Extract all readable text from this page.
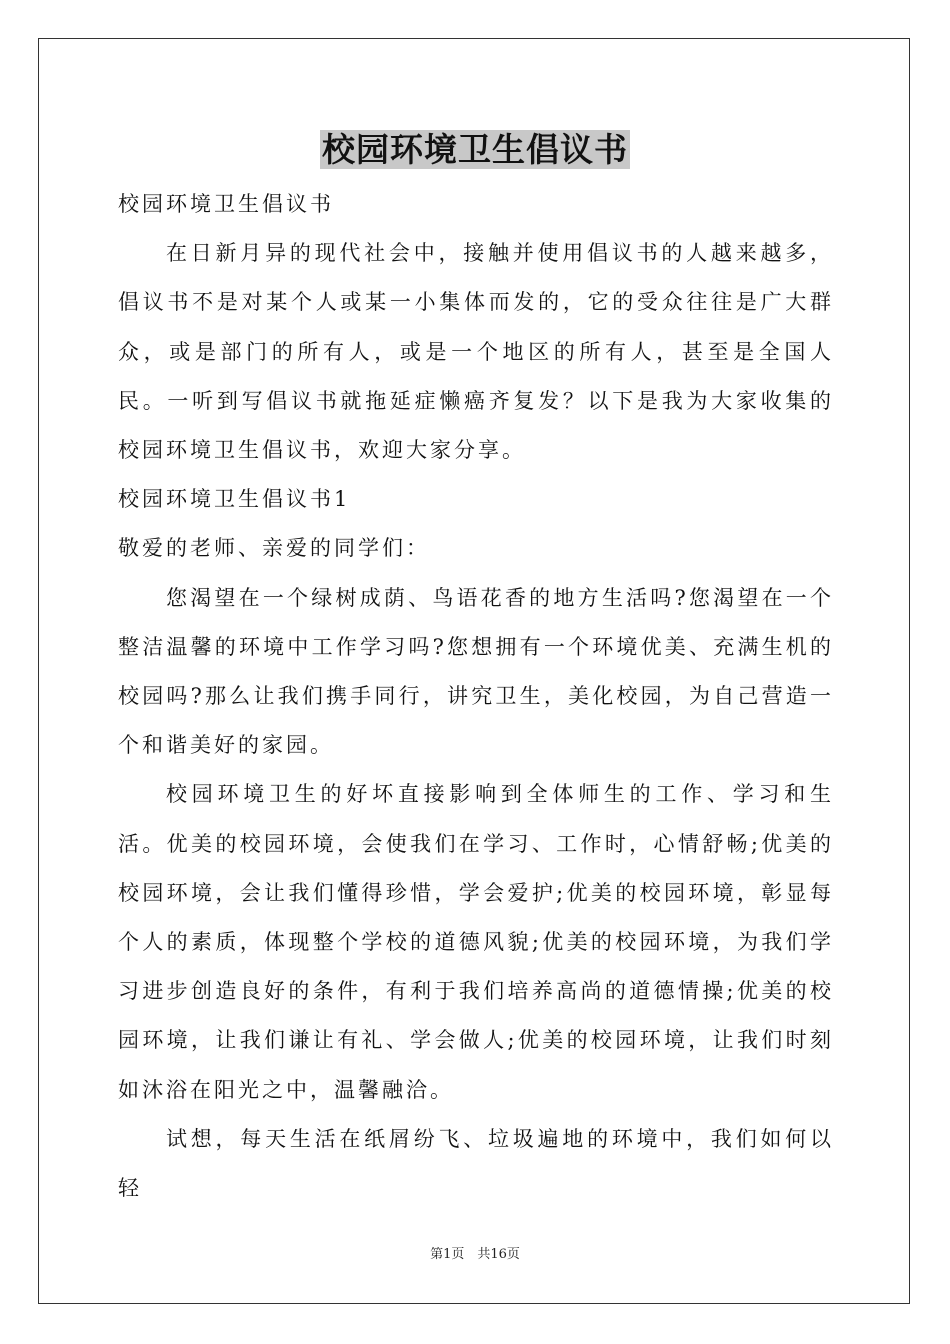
校园环境卫生倡议书

校园环境卫生倡议书

在日新月异的现代社会中，接触并使用倡议书的人越来越多，倡议书不是对某个人或某一小集体而发的，它的受众往往是广大群众，或是部门的所有人，或是一个地区的所有人，甚至是全国人民。一听到写倡议书就拖延症懒癌齐复发？以下是我为大家收集的校园环境卫生倡议书，欢迎大家分享。

校园环境卫生倡议书1

敬爱的老师、亲爱的同学们：

您渴望在一个绿树成荫、鸟语花香的地方生活吗?您渴望在一个整洁温馨的环境中工作学习吗?您想拥有一个环境优美、充满生机的校园吗?那么让我们携手同行，讲究卫生，美化校园，为自己营造一个和谐美好的家园。

校园环境卫生的好坏直接影响到全体师生的工作、学习和生活。优美的校园环境，会使我们在学习、工作时，心情舒畅;优美的校园环境，会让我们懂得珍惜，学会爱护;优美的校园环境，彰显每个人的素质，体现整个学校的道德风貌;优美的校园环境，为我们学习进步创造良好的条件，有利于我们培养高尚的道德情操;优美的校园环境，让我们谦让有礼、学会做人;优美的校园环境，让我们时刻如沐浴在阳光之中，温馨融洽。

试想，每天生活在纸屑纷飞、垃圾遍地的环境中，我们如何以轻

第1页　共16页
